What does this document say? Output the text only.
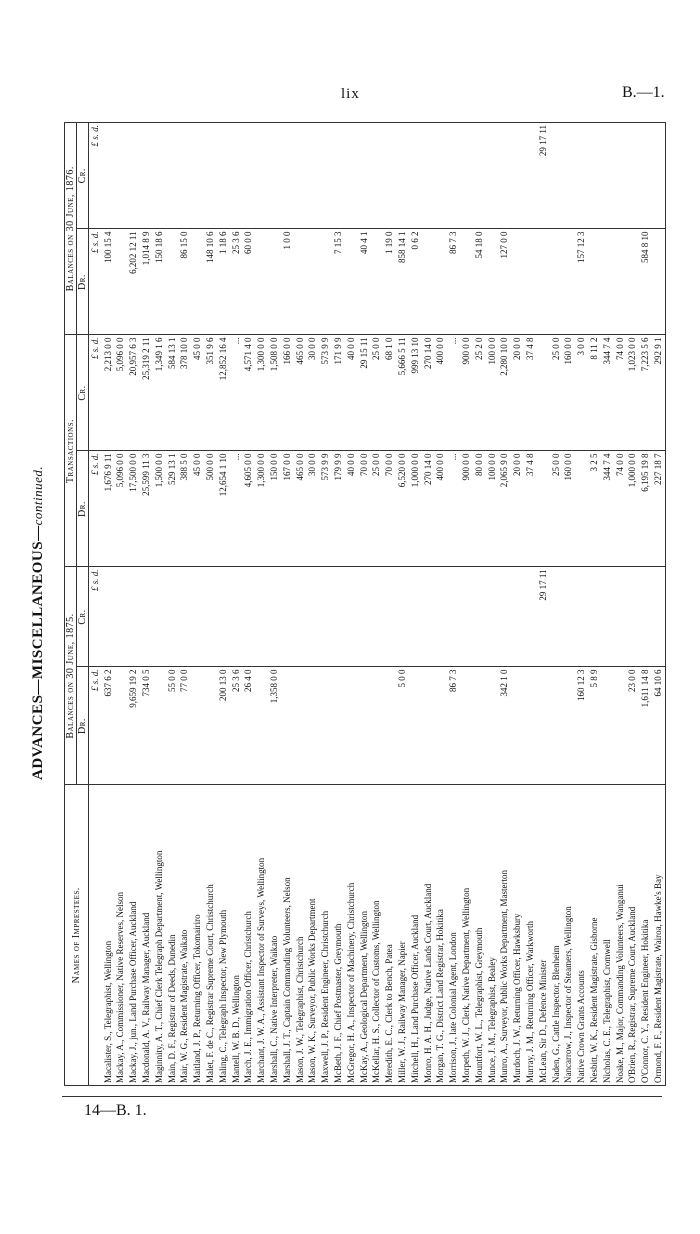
lix	B.—1.
ADVANCES—MISCELLANEOUS—continued.
Names of Imprestees.	Balances on 30 June, 1875.		Transactions.		Balances on 30 June, 1876.	
	Dr.	Cr.	Dr.	Cr.	Dr.	Cr.
	£ s. d.	£ s. d.	£ s. d.	£ s. d.	£ s. d.	£ s. d.
Macalister, S., Telegraphist, Wellington	637 6 2		1,676 9 11	2,213 0 0	100 15 4	
Mackay, A., Commissioner, Native Reserves, Nelson			5,096 0 0	5,096 0 0		
Mackay, J., jun., Land Purchase Officer, Auckland	9,659 19 2		17,500 0 0	20,957 6 3	6,202 12 11	
Macdonald, A. V., Railway Manager, Auckland	734 0 5		25,599 11 3	25,319 2 11	1,014 8 9	
Maginnity, A. T., Chief Clerk Telegraph Department, Wellington			1,500 0 0	1,349 1 6	150 18 6	
Main, D. F., Registrar of Deeds, Dunedin	55 0 0		529 13 1	584 13 1		
Mair, W. G., Resident Magistrate, Waikato	77 0 0		388 5 0	378 10 0	86 15 0	
Maitland, J. P., Returning Officer, Tokomairiro			45 0 0	45 0 0		
Malet, F. de C., Registrar Supreme Court, Christchurch			500 0 0	351 9 6	148 10 6	
Maling, C., Telegraph Inspector, New Plymouth	200 13 0		12,654 1 10	12,852 16 4	1 18 6	
Mantell, W. B. D., Wellington	25 3 6		...	...	25 3 6	
March, J. E., Immigration Officer, Christchurch	26 4 0		4,605 0 0	4,571 4 0	60 0 0	
Marchant, J. W. A., Assistant Inspector of Surveys, Wellington			1,300 0 0	1,300 0 0		
Marshall, C., Native Interpreter, Waikato	1,358 0 0		150 0 0	1,508 0 0		
Marshall, J. T., Captain Commanding Volunteers, Nelson			167 0 0	166 0 0	1 0 0	
Mason, J. W., Telegraphist, Christchurch			465 0 0	465 0 0		
Mason, W. K., Surveyor, Public Works Department			30 0 0	30 0 0		
Maxwell, J. P., Resident Engineer, Christchurch			573 9 9	573 9 9		
McBeth, J. F., Chief Postmaster, Greymouth			179 9 9	171 9 9	7 15 3	
McGregor, H. A., Inspector of Machinery, Christchurch			40 0 0	40 0 0		
McKay, A., Geological Department, Wellington			70 0 0	29 15 11	40 4 1	
McKellar, H. S., Collector of Customs, Wellington			25 0 0	25 0 0		
Meredith, E. C., Clerk to Bench, Patea			70 0 0	68 1 0	1 19 0	
Miller, W. J., Railway Manager, Napier	5 0 0		6,520 0 0	5,666 5 11	858 14 1	
Mitchell, H., Land Purchase Officer, Auckland			1,000 0 0	999 13 10	0 6 2	
Monro, H. A. H., Judge, Native Lands Court, Auckland			270 14 0	270 14 0		
Morgan, T. G., District Land Registrar, Hokitika			400 0 0	400 0 0		
Morrison, J., late Colonial Agent, London	86 7 3		...	...	86 7 3	
Morpeth, W. J., Clerk, Native Department, Wellington			900 0 0	900 0 0		
Mountfort, W. L., Telegraphist, Greymouth			80 0 0	25 2 0	54 18 0	
Munce, J. M., Telegraphist, Bealey			100 0 0	100 0 0		
Munro, A., Surveyor, Public Works Department, Masterton	342 1 0		2,065 9 0	2,280 10 0	127 0 0	
Murdoch, J. W., Returning Officer, Hawksbury			20 0 0	20 0 0		
Murray, J. M., Returning Officer, Warkworth			37 4 8	37 4 8		
McLean, Sir D., Defence Minister		29 17 11				29 17 11
Naden, G., Cattle Inspector, Blenheim			25 0 0	25 0 0		
Nancarrow, J., Inspector of Steamers, Wellington			160 0 0	160 0 0		
Native Crown Grants Accounts	160 12 3			3 0 0	157 12 3	
Nesbitt, W. K., Resident Magistrate, Gisborne	5 8 9		3 2 5	8 11 2		
Nicholas, C. E., Telegraphist, Cromwell			344 7 4	344 7 4		
Noake, M., Major, Commanding Volunteers, Wanganui			74 0 0	74 0 0		
O'Brien, R., Registrar, Supreme Court, Auckland	23 0 0		1,000 0 0	1,023 0 0		
O'Connor, C. Y., Resident Engineer, Hokitika	1,611 14 8		6,195 19 8	7,223 5 6	584 8 10	
Ormond, F. F., Resident Magistrate, Wairoa, Hawke's Bay	64 10 6		227 18 7	292 9 1		
14—B. 1.
